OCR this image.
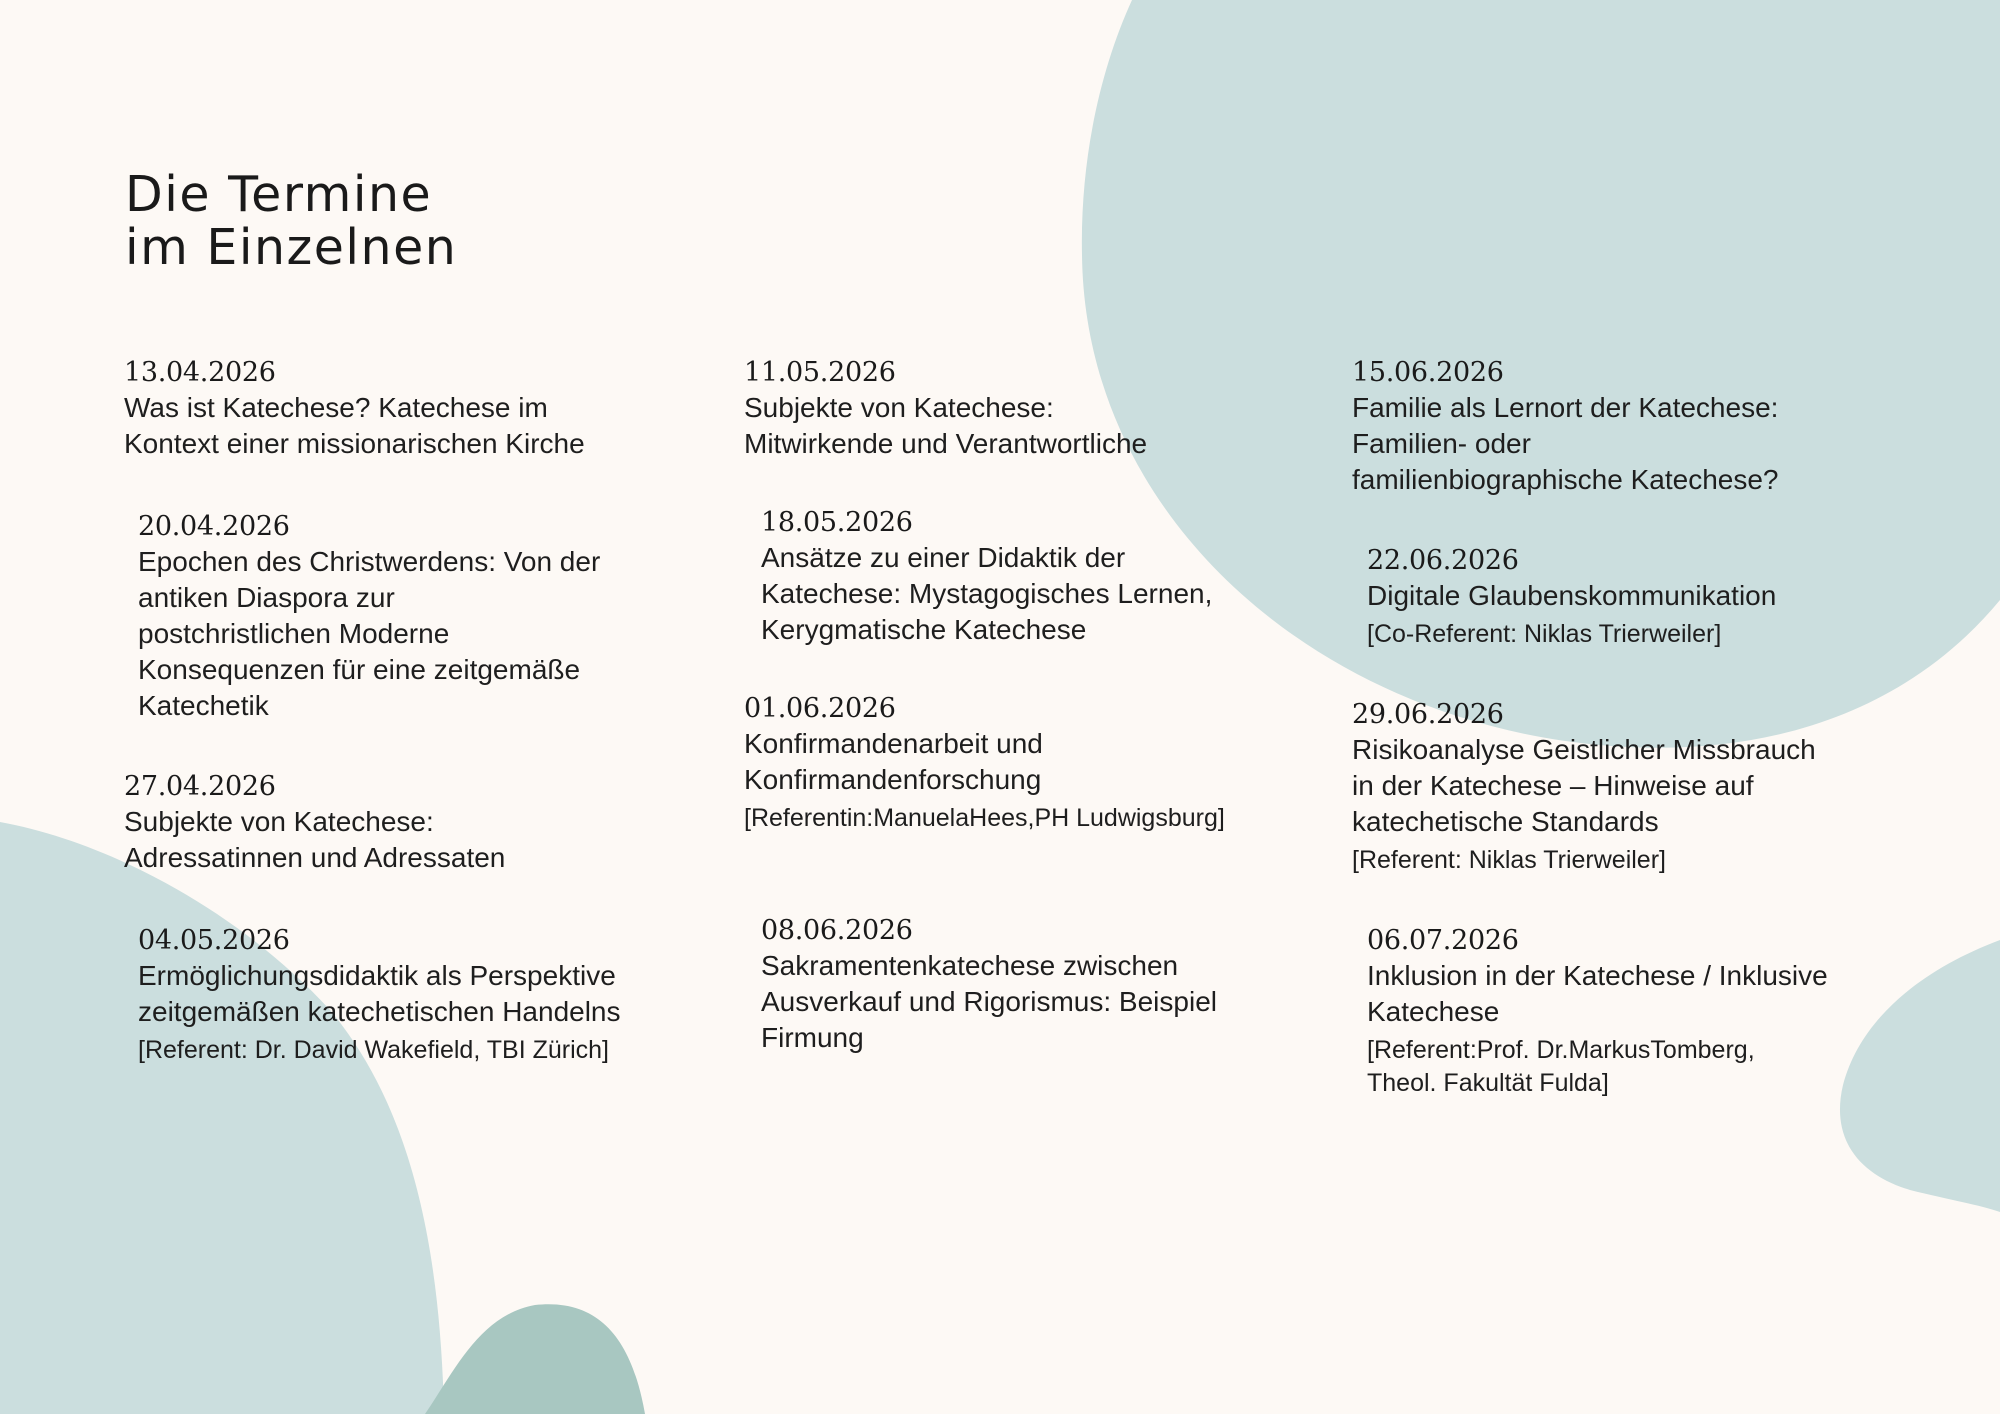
Die Termine
im Einzelnen
13.04.2026
Was ist Katechese? Katechese im
Kontext einer missionarischen Kirche
20.04.2026
Epochen des Christwerdens: Von der
antiken Diaspora zur
postchristlichen Moderne
Konsequenzen für eine zeitgemäße
Katechetik
27.04.2026
Subjekte von Katechese:
Adressatinnen und Adressaten
04.05.2026
Ermöglichungsdidaktik als Perspektive
zeitgemäßen katechetischen Handelns
[Referent: Dr. David Wakefield, TBI Zürich]
11.05.2026
Subjekte von Katechese:
Mitwirkende und Verantwortliche
18.05.2026
Ansätze zu einer Didaktik der
Katechese: Mystagogisches Lernen,
Kerygmatische Katechese
01.06.2026
Konfirmandenarbeit und
Konfirmandenforschung
[Referentin:ManuelaHees,PH Ludwigsburg]
08.06.2026
Sakramentenkatechese zwischen
Ausverkauf und Rigorismus: Beispiel
Firmung
15.06.2026
Familie als Lernort der Katechese:
Familien- oder
familienbiographische Katechese?
22.06.2026
Digitale Glaubenskommunikation
[Co-Referent: Niklas Trierweiler]
29.06.2026
Risikoanalyse Geistlicher Missbrauch
in der Katechese – Hinweise auf
katechetische Standards
[Referent: Niklas Trierweiler]
06.07.2026
Inklusion in der Katechese / Inklusive
Katechese
[Referent:Prof. Dr.MarkusTomberg,
Theol. Fakultät Fulda]
